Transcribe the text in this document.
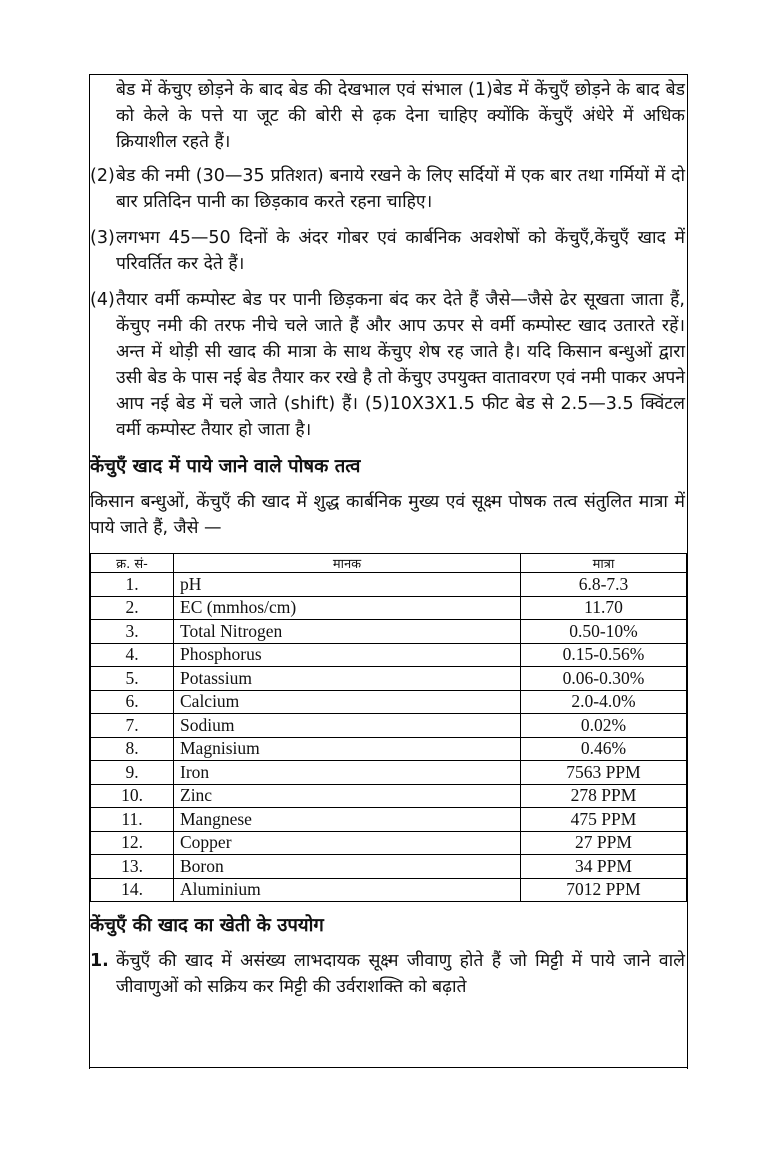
बेड में केंचुए छोड़ने के बाद बेड की देखभाल एवं संभाल (1)बेड में केंचुएँ छोड़ने के बाद बेड को केले के पत्ते या जूट की बोरी से ढ़क देना चाहिए क्योंकि केंचुएँ अंधेरे में अधिक क्रियाशील रहते हैं।

(2) बेड की नमी (30—35 प्रतिशत) बनाये रखने के लिए सर्दियों में एक बार तथा गर्मियों में दो बार प्रतिदिन पानी का छिड़काव करते रहना चाहिए।
(3) लगभग 45—50 दिनों के अंदर गोबर एवं कार्बनिक अवशेषों को केंचुएँ,केंचुएँ खाद में परिवर्तित कर देते हैं।
(4) तैयार वर्मी कम्पोस्ट बेड पर पानी छिड़कना बंद कर देते हैं जैसे—जैसे ढेर सूखता जाता हैं, केंचुए नमी की तरफ नीचे चले जाते हैं और आप ऊपर से वर्मी कम्पोस्ट खाद उतारते रहें। अन्त में थोड़ी सी खाद की मात्रा के साथ केंचुए शेष रह जाते है। यदि किसान बन्धुओं द्वारा उसी बेड के पास नई बेड तैयार कर रखे है तो केंचुए उपयुक्त वातावरण एवं नमी पाकर अपने आप नई बेड में चले जाते (shift) हैं। (5)10X3X1.5 फीट बेड से 2.5—3.5 क्विंटल वर्मी कम्पोस्ट तैयार हो जाता है।
केंचुएँ खाद में पाये जाने वाले पोषक तत्व

किसान बन्धुओं, केंचुएँ की खाद में शुद्ध कार्बनिक मुख्य एवं सूक्ष्म पोषक तत्व संतुलित मात्रा में पाये जाते हैं, जैसे —

क्र. सं-	मानक	मात्रा
1.	pH	6.8-7.3
2.	EC (mmhos/cm)	11.70
3.	Total Nitrogen	0.50-10%
4.	Phosphorus	0.15-0.56%
5.	Potassium	0.06-0.30%
6.	Calcium	2.0-4.0%
7.	Sodium	0.02%
8.	Magnisium	0.46%
9.	Iron	7563 PPM
10.	Zinc	278 PPM
11.	Mangnese	475 PPM
12.	Copper	27 PPM
13.	Boron	34 PPM
14.	Aluminium	7012 PPM
केंचुएँ की खाद का खेती के उपयोग
1. केंचुएँ की खाद में असंख्य लाभदायक सूक्ष्म जीवाणु होते हैं जो मिट्टी में पाये जाने वाले जीवाणुओं को सक्रिय कर मिट्टी की उर्वराशक्ति को बढ़ाते
